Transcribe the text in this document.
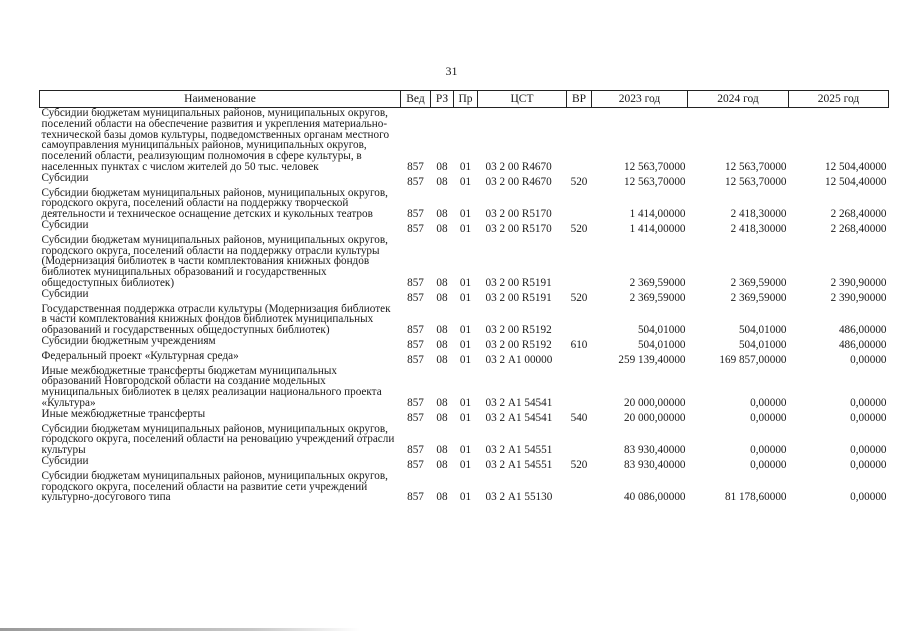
31
Наименование	Вед	РЗ	Пр	ЦСТ	ВР	2023 год	2024 год	2025 год
Субсидии бюджетам муниципальных районов, муниципальных округов, поселений области на обеспечение развития и укрепления материально-технической базы домов культуры, подведомственных органам местного самоуправления муниципальных районов, муниципальных округов, поселений области, реализующим полномочия в сфере культуры, в населенных пунктах с числом жителей до 50 тыс. человек	857	08	01	03 2 00 R4670		12 563,70000	12 563,70000	12 504,40000
Субсидии	857	08	01	03 2 00 R4670	520	12 563,70000	12 563,70000	12 504,40000
Субсидии бюджетам муниципальных районов, муниципальных округов, городского округа, поселений области на поддержку творческой деятельности и техническое оснащение детских и кукольных театров	857	08	01	03 2 00 R5170		1 414,00000	2 418,30000	2 268,40000
Субсидии	857	08	01	03 2 00 R5170	520	1 414,00000	2 418,30000	2 268,40000
Субсидии бюджетам муниципальных районов, муниципальных округов, городского округа, поселений области на поддержку отрасли культуры (Модернизация библиотек в части комплектования книжных фондов библиотек муниципальных образований и государственных общедоступных библиотек)	857	08	01	03 2 00 R5191		2 369,59000	2 369,59000	2 390,90000
Субсидии	857	08	01	03 2 00 R5191	520	2 369,59000	2 369,59000	2 390,90000
Государственная поддержка отрасли культуры (Модернизация библиотек в части комплектования книжных фондов библиотек муниципальных образований и государственных общедоступных библиотек)	857	08	01	03 2 00 R5192		504,01000	504,01000	486,00000
Субсидии бюджетным учреждениям	857	08	01	03 2 00 R5192	610	504,01000	504,01000	486,00000
Федеральный проект «Культурная среда»	857	08	01	03 2 А1 00000		259 139,40000	169 857,00000	0,00000
Иные межбюджетные трансферты бюджетам муниципальных образований Новгородской области на создание модельных муниципальных библиотек в целях реализации национального проекта «Культура»	857	08	01	03 2 А1 54541		20 000,00000	0,00000	0,00000
Иные межбюджетные трансферты	857	08	01	03 2 А1 54541	540	20 000,00000	0,00000	0,00000
Субсидии бюджетам муниципальных районов, муниципальных округов, городского округа, поселений области на реновацию учреждений отрасли культуры	857	08	01	03 2 А1 54551		83 930,40000	0,00000	0,00000
Субсидии	857	08	01	03 2 А1 54551	520	83 930,40000	0,00000	0,00000
Субсидии бюджетам муниципальных районов, муниципальных округов, городского округа, поселений области на развитие сети учреждений культурно-досугового типа	857	08	01	03 2 А1 55130		40 086,00000	81 178,60000	0,00000
